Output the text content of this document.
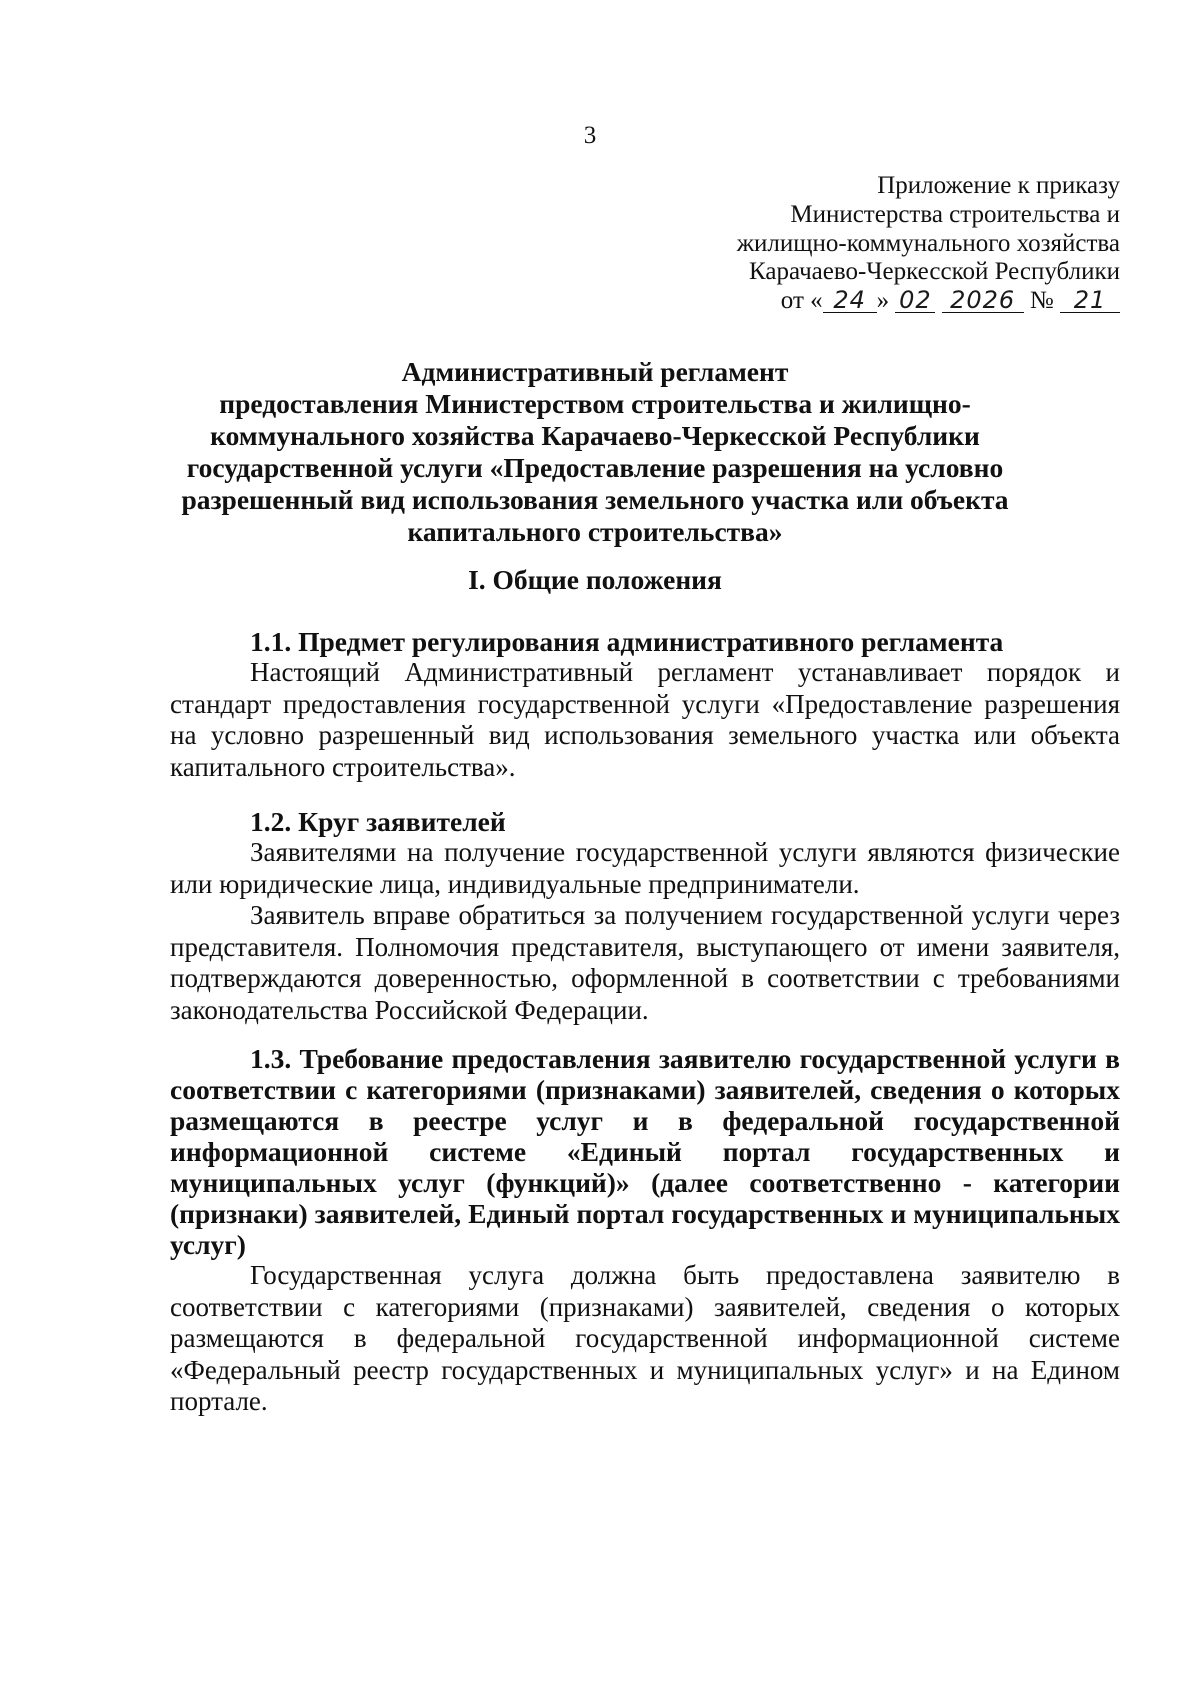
3
Приложение к приказу
Министерства строительства и
жилищно-коммунального хозяйства
Карачаево-Черкесской Республики
от « 24 » 02 2026 № 21
Административный регламент
предоставления Министерством строительства и жилищно-
коммунального хозяйства Карачаево-Черкесской Республики
государственной услуги «Предоставление разрешения на условно
разрешенный вид использования земельного участка или объекта
капитального строительства»
I. Общие положения
1.1. Предмет регулирования административного регламента

Настоящий Административный регламент устанавливает порядок и стандарт предоставления государственной услуги «Предоставление разрешения на условно разрешенный вид использования земельного участка или объекта капитального строительства».

1.2. Круг заявителей

Заявителями на получение государственной услуги являются физические или юридические лица, индивидуальные предприниматели.

Заявитель вправе обратиться за получением государственной услуги через представителя. Полномочия представителя, выступающего от имени заявителя, подтверждаются доверенностью, оформленной в соответствии с требованиями законодательства Российской Федерации.

1.3. Требование предоставления заявителю государственной услуги в соответствии с категориями (признаками) заявителей, сведения о которых размещаются в реестре услуг и в федеральной государственной информационной системе «Единый портал государственных и муниципальных услуг (функций)» (далее соответственно - категории (признаки) заявителей, Единый портал государственных и муниципальных услуг)

Государственная услуга должна быть предоставлена заявителю в соответствии с категориями (признаками) заявителей, сведения о которых размещаются в федеральной государственной информационной системе «Федеральный реестр государственных и муниципальных услуг» и на Едином портале.
